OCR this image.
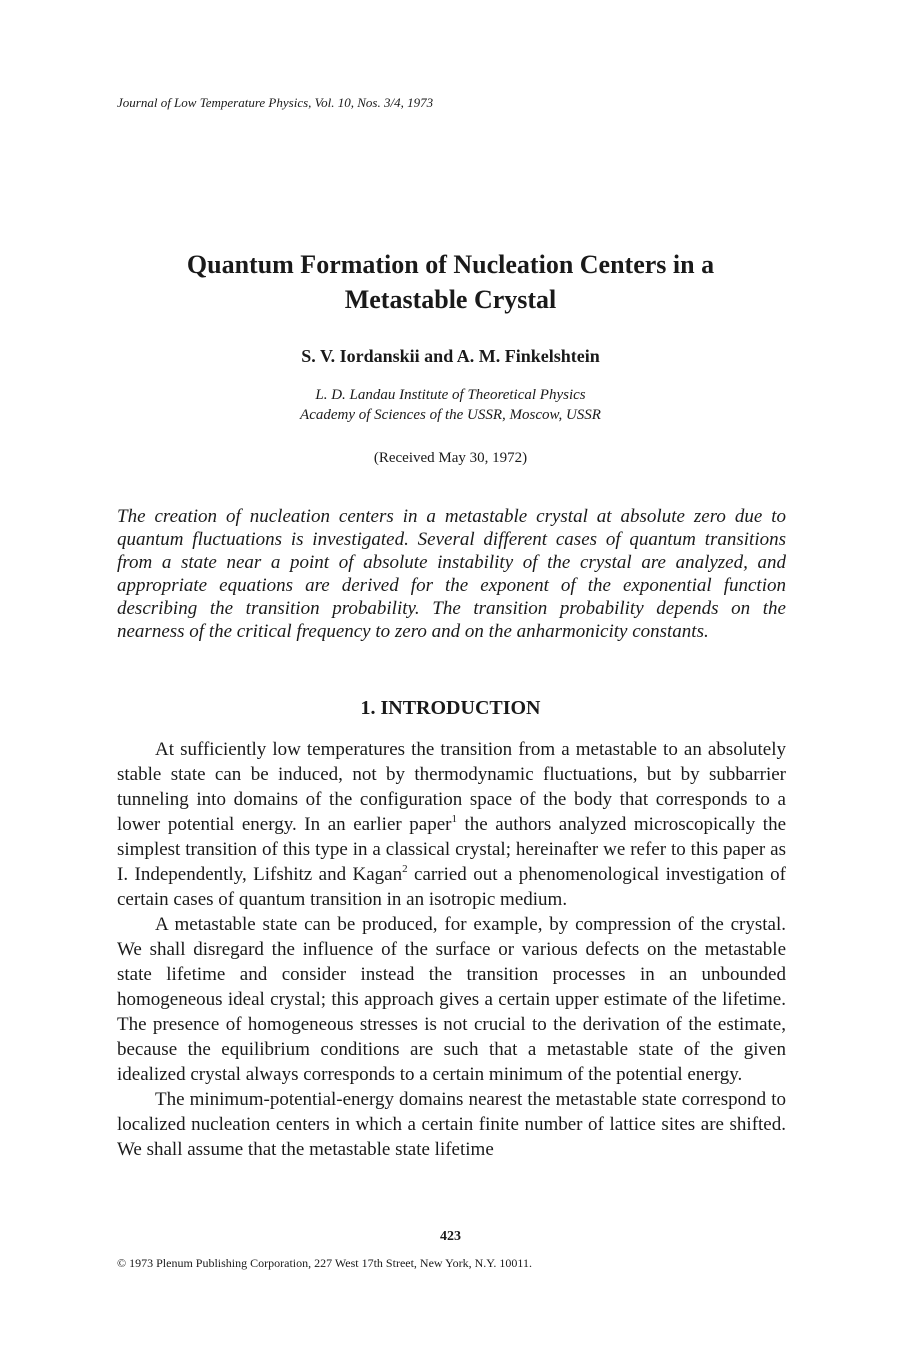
Journal of Low Temperature Physics, Vol. 10, Nos. 3/4, 1973
Quantum Formation of Nucleation Centers in a
Metastable Crystal
S. V. Iordanskii and A. M. Finkelshtein
L. D. Landau Institute of Theoretical Physics
Academy of Sciences of the USSR, Moscow, USSR
(Received May 30, 1972)

The creation of nucleation centers in a metastable crystal at absolute zero due to quantum fluctuations is investigated. Several different cases of quantum transitions from a state near a point of absolute instability of the crystal are analyzed, and appropriate equations are derived for the exponent of the exponential function describing the transition probability. The transition probability depends on the nearness of the critical frequency to zero and on the anharmonicity constants.

1. INTRODUCTION

At sufficiently low temperatures the transition from a metastable to an absolutely stable state can be induced, not by thermodynamic fluctuations, but by subbarrier tunneling into domains of the configuration space of the body that corresponds to a lower potential energy. In an earlier paper$^1$ the authors analyzed microscopically the simplest transition of this type in a classical crystal; hereinafter we refer to this paper as I. Independently, Lifshitz and Kagan$^2$ carried out a phenomenological investigation of certain cases of quantum transition in an isotropic medium.

A metastable state can be produced, for example, by compression of the crystal. We shall disregard the influence of the surface or various defects on the metastable state lifetime and consider instead the transition processes in an unbounded homogeneous ideal crystal; this approach gives a certain upper estimate of the lifetime. The presence of homogeneous stresses is not crucial to the derivation of the estimate, because the equilibrium conditions are such that a metastable state of the given idealized crystal always corresponds to a certain minimum of the potential energy.

The minimum-potential-energy domains nearest the metastable state correspond to localized nucleation centers in which a certain finite number of lattice sites are shifted. We shall assume that the metastable state lifetime

423
© 1973 Plenum Publishing Corporation, 227 West 17th Street, New York, N.Y. 10011.
